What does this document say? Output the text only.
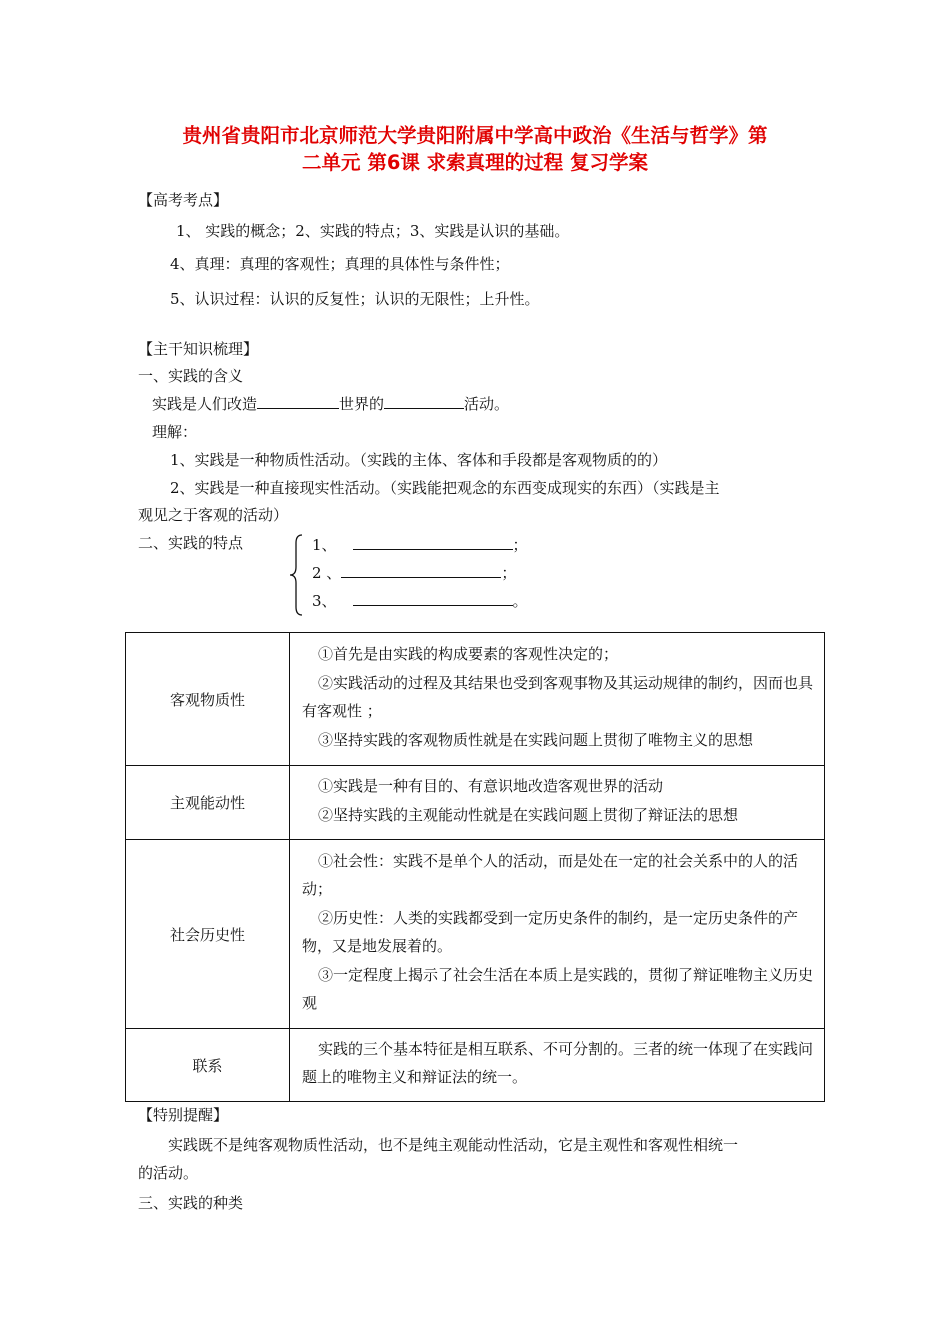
贵州省贵阳市北京师范大学贵阳附属中学高中政治《生活与哲学》第
二单元 第6课 求索真理的过程 复习学案
【高考考点】
1、 实践的概念；2、实践的特点；3、实践是认识的基础。
4、真理：真理的客观性；真理的具体性与条件性；
5、认识过程：认识的反复性；认识的无限性；上升性。
【主干知识梳理】
一、实践的含义
实践是人们改造	世界的	活动。
理解：
1、实践是一种物质性活动。（实践的主体、客体和手段都是客观物质的的）
2、实践是一种直接现实性活动。（实践能把观念的东西变成现实的东西）（实践是主
观见之于客观的活动）
二、实践的特点	1、	；
2 、	；
3、	。
客观物质性	①首先是由实践的构成要素的客观性决定的；
②实践活动的过程及其结果也受到客观事物及其运动规律的制约，因而也具有客观性 ；
③坚持实践的客观物质性就是在实践问题上贯彻了唯物主义的思想

主观能动性	①实践是一种有目的、有意识地改造客观世界的活动
②坚持实践的主观能动性就是在实践问题上贯彻了辩证法的思想

社会历史性	①社会性：实践不是单个人的活动，而是处在一定的社会关系中的人的活动；
②历史性：人类的实践都受到一定历史条件的制约，是一定历史条件的产物，又是地发展着的。
③一定程度上揭示了社会生活在本质上是实践的，贯彻了辩证唯物主义历史观

联系	实践的三个基本特征是相互联系、不可分割的。三者的统一体现了在实践问题上的唯物主义和辩证法的统一。
【特别提醒】
实践既不是纯客观物质性活动，也不是纯主观能动性活动，它是主观性和客观性相统一
的活动。
三、实践的种类
